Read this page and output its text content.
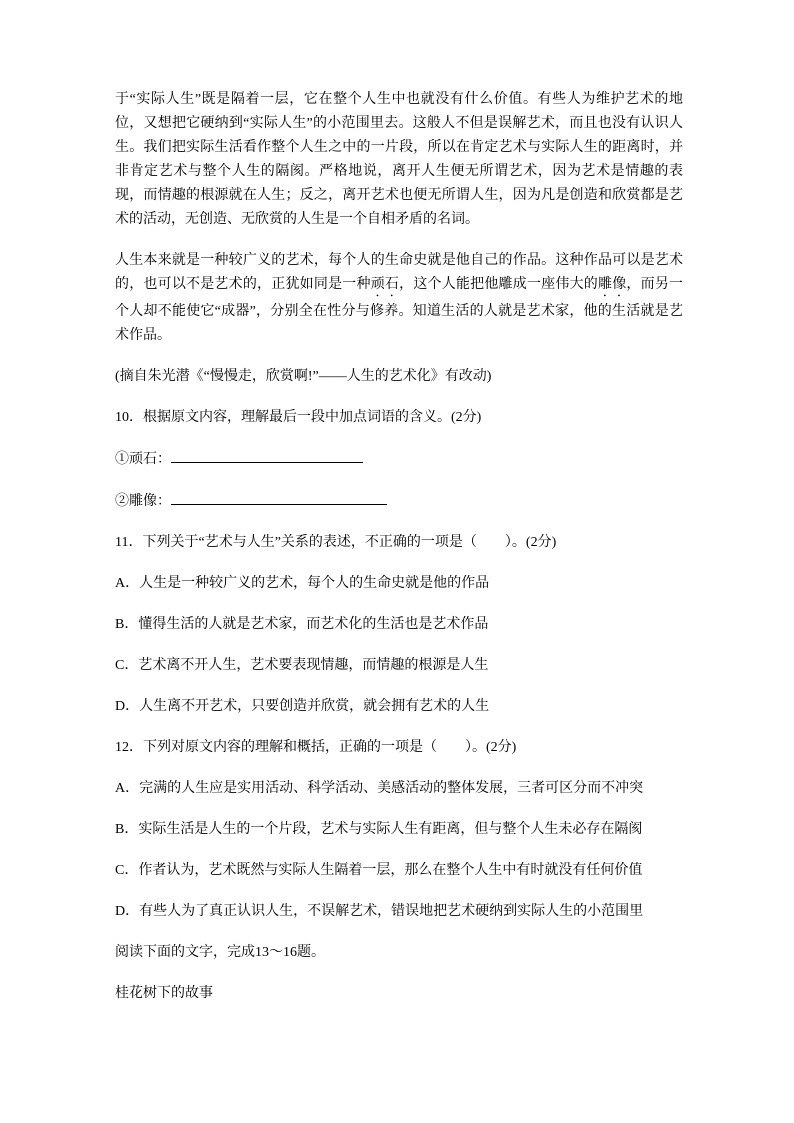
于“实际人生”既是隔着一层，它在整个人生中也就没有什么价值。有些人为维护艺术的地位，又想把它硬纳到“实际人生”的小范围里去。这般人不但是误解艺术，而且也没有认识人生。我们把实际生活看作整个人生之中的一片段，所以在肯定艺术与实际人生的距离时，并非肯定艺术与整个人生的隔阂。严格地说，离开人生便无所谓艺术，因为艺术是情趣的表现，而情趣的根源就在人生；反之，离开艺术也便无所谓人生，因为凡是创造和欣赏都是艺术的活动，无创造、无欣赏的人生是一个自相矛盾的名词。

人生本来就是一种较广义的艺术，每个人的生命史就是他自己的作品。这种作品可以是艺术的，也可以不是艺术的，正犹如同是一种顽石，这个人能把他雕成一座伟大的雕像，而另一个人却不能使它“成器”，分别全在性分与修养。知道生活的人就是艺术家，他的生活就是艺术作品。

(摘自朱光潜《“慢慢走，欣赏啊!”——人生的艺术化》有改动)

10．根据原文内容，理解最后一段中加点词语的含义。(2分)

①顽石：

②雕像：

11．下列关于“艺术与人生”关系的表述，不正确的一项是（　　）。(2分)

A．人生是一种较广义的艺术，每个人的生命史就是他的作品

B．懂得生活的人就是艺术家，而艺术化的生活也是艺术作品

C．艺术离不开人生，艺术要表现情趣，而情趣的根源是人生

D．人生离不开艺术，只要创造并欣赏，就会拥有艺术的人生

12．下列对原文内容的理解和概括，正确的一项是（　　）。(2分)

A．完满的人生应是实用活动、科学活动、美感活动的整体发展，三者可区分而不冲突

B．实际生活是人生的一个片段，艺术与实际人生有距离，但与整个人生未必存在隔阂

C．作者认为，艺术既然与实际人生隔着一层，那么在整个人生中有时就没有任何价值

D．有些人为了真正认识人生，不误解艺术，错误地把艺术硬纳到实际人生的小范围里

阅读下面的文字，完成13～16题。

桂花树下的故事
